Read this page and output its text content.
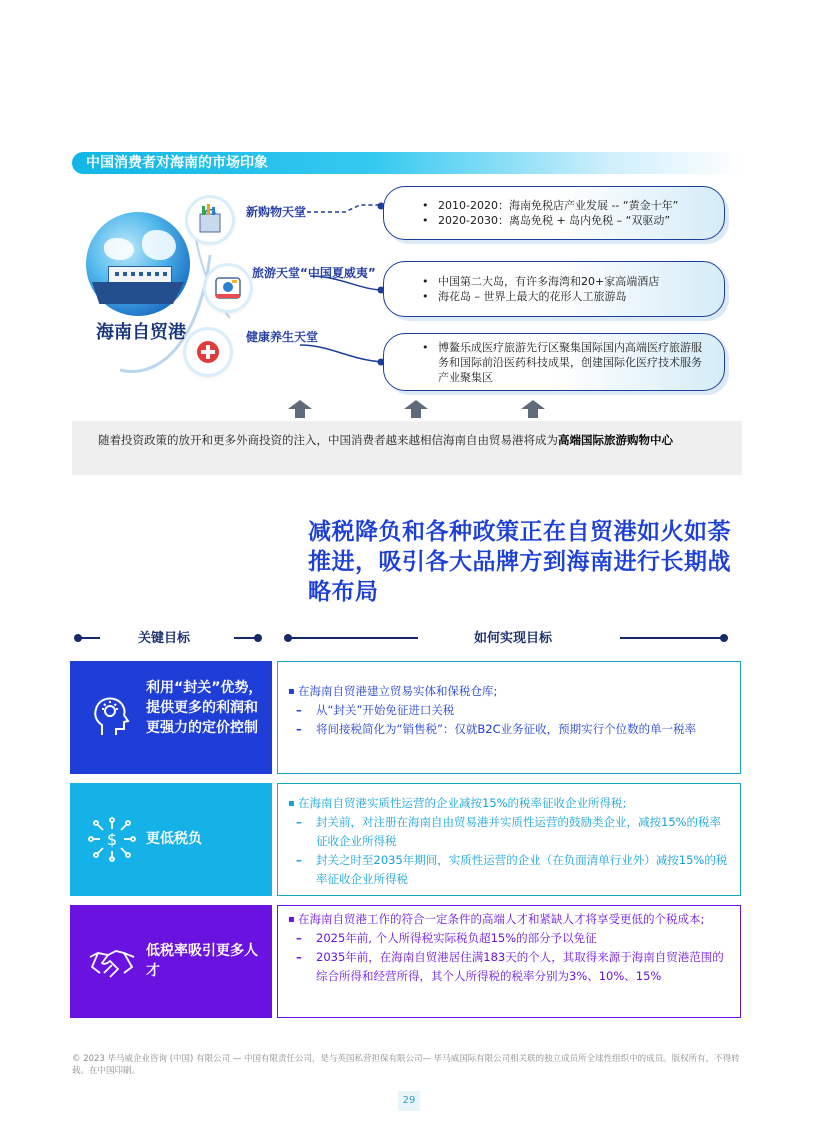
中国消费者对海南的市场印象
海南自贸港
新购物天堂
旅游天堂“中国夏威夷”
健康养生天堂
• 2010-2020：海南免税店产业发展 -- “黄金十年”
• 2020-2030：离岛免税 + 岛内免税 – “双驱动”
• 中国第二大岛，有许多海湾和20+家高端酒店
• 海花岛 – 世界上最大的花形人工旅游岛
• 博鳌乐成医疗旅游先行区聚集国际国内高端医疗旅游服务和国际前沿医药科技成果，创建国际化医疗技术服务产业聚集区
随着投资政策的放开和更多外商投资的注入，中国消费者越来越相信海南自由贸易港将成为高端国际旅游购物中心
减税降负和各种政策正在自贸港如火如荼推进，吸引各大品牌方到海南进行长期战略布局
关键目标	如何实现目标
利用“封关”优势，提供更多的利润和更强力的定价控制
▪ 在海南自贸港建立贸易实体和保税仓库;
– 从“封关”开始免征进口关税
– 将间接税简化为“销售税”：仅就B2C业务征收，预期实行个位数的单一税率
$ 更低税负
▪ 在海南自贸港实质性运营的企业减按15%的税率征收企业所得税;
– 封关前，对注册在海南自由贸易港并实质性运营的鼓励类企业，减按15%的税率征收企业所得税
– 封关之时至2035年期间，实质性运营的企业（在负面清单行业外）减按15%的税率征收企业所得税
低税率吸引更多人才
▪ 在海南自贸港工作的符合一定条件的高端人才和紧缺人才将享受更低的个税成本;
– 2025年前, 个人所得税实际税负超15%的部分予以免征
– 2035年前，在海南自贸港居住满183天的个人，其取得来源于海南自贸港范围的综合所得和经营所得，其个人所得税的税率分别为3%、10%、15%
© 2023 毕马威企业咨询 (中国) 有限公司 — 中国有限责任公司，是与英国私营担保有限公司— 毕马威国际有限公司相关联的独立成员所全球性组织中的成员。版权所有，不得转载。在中国印刷。
29
